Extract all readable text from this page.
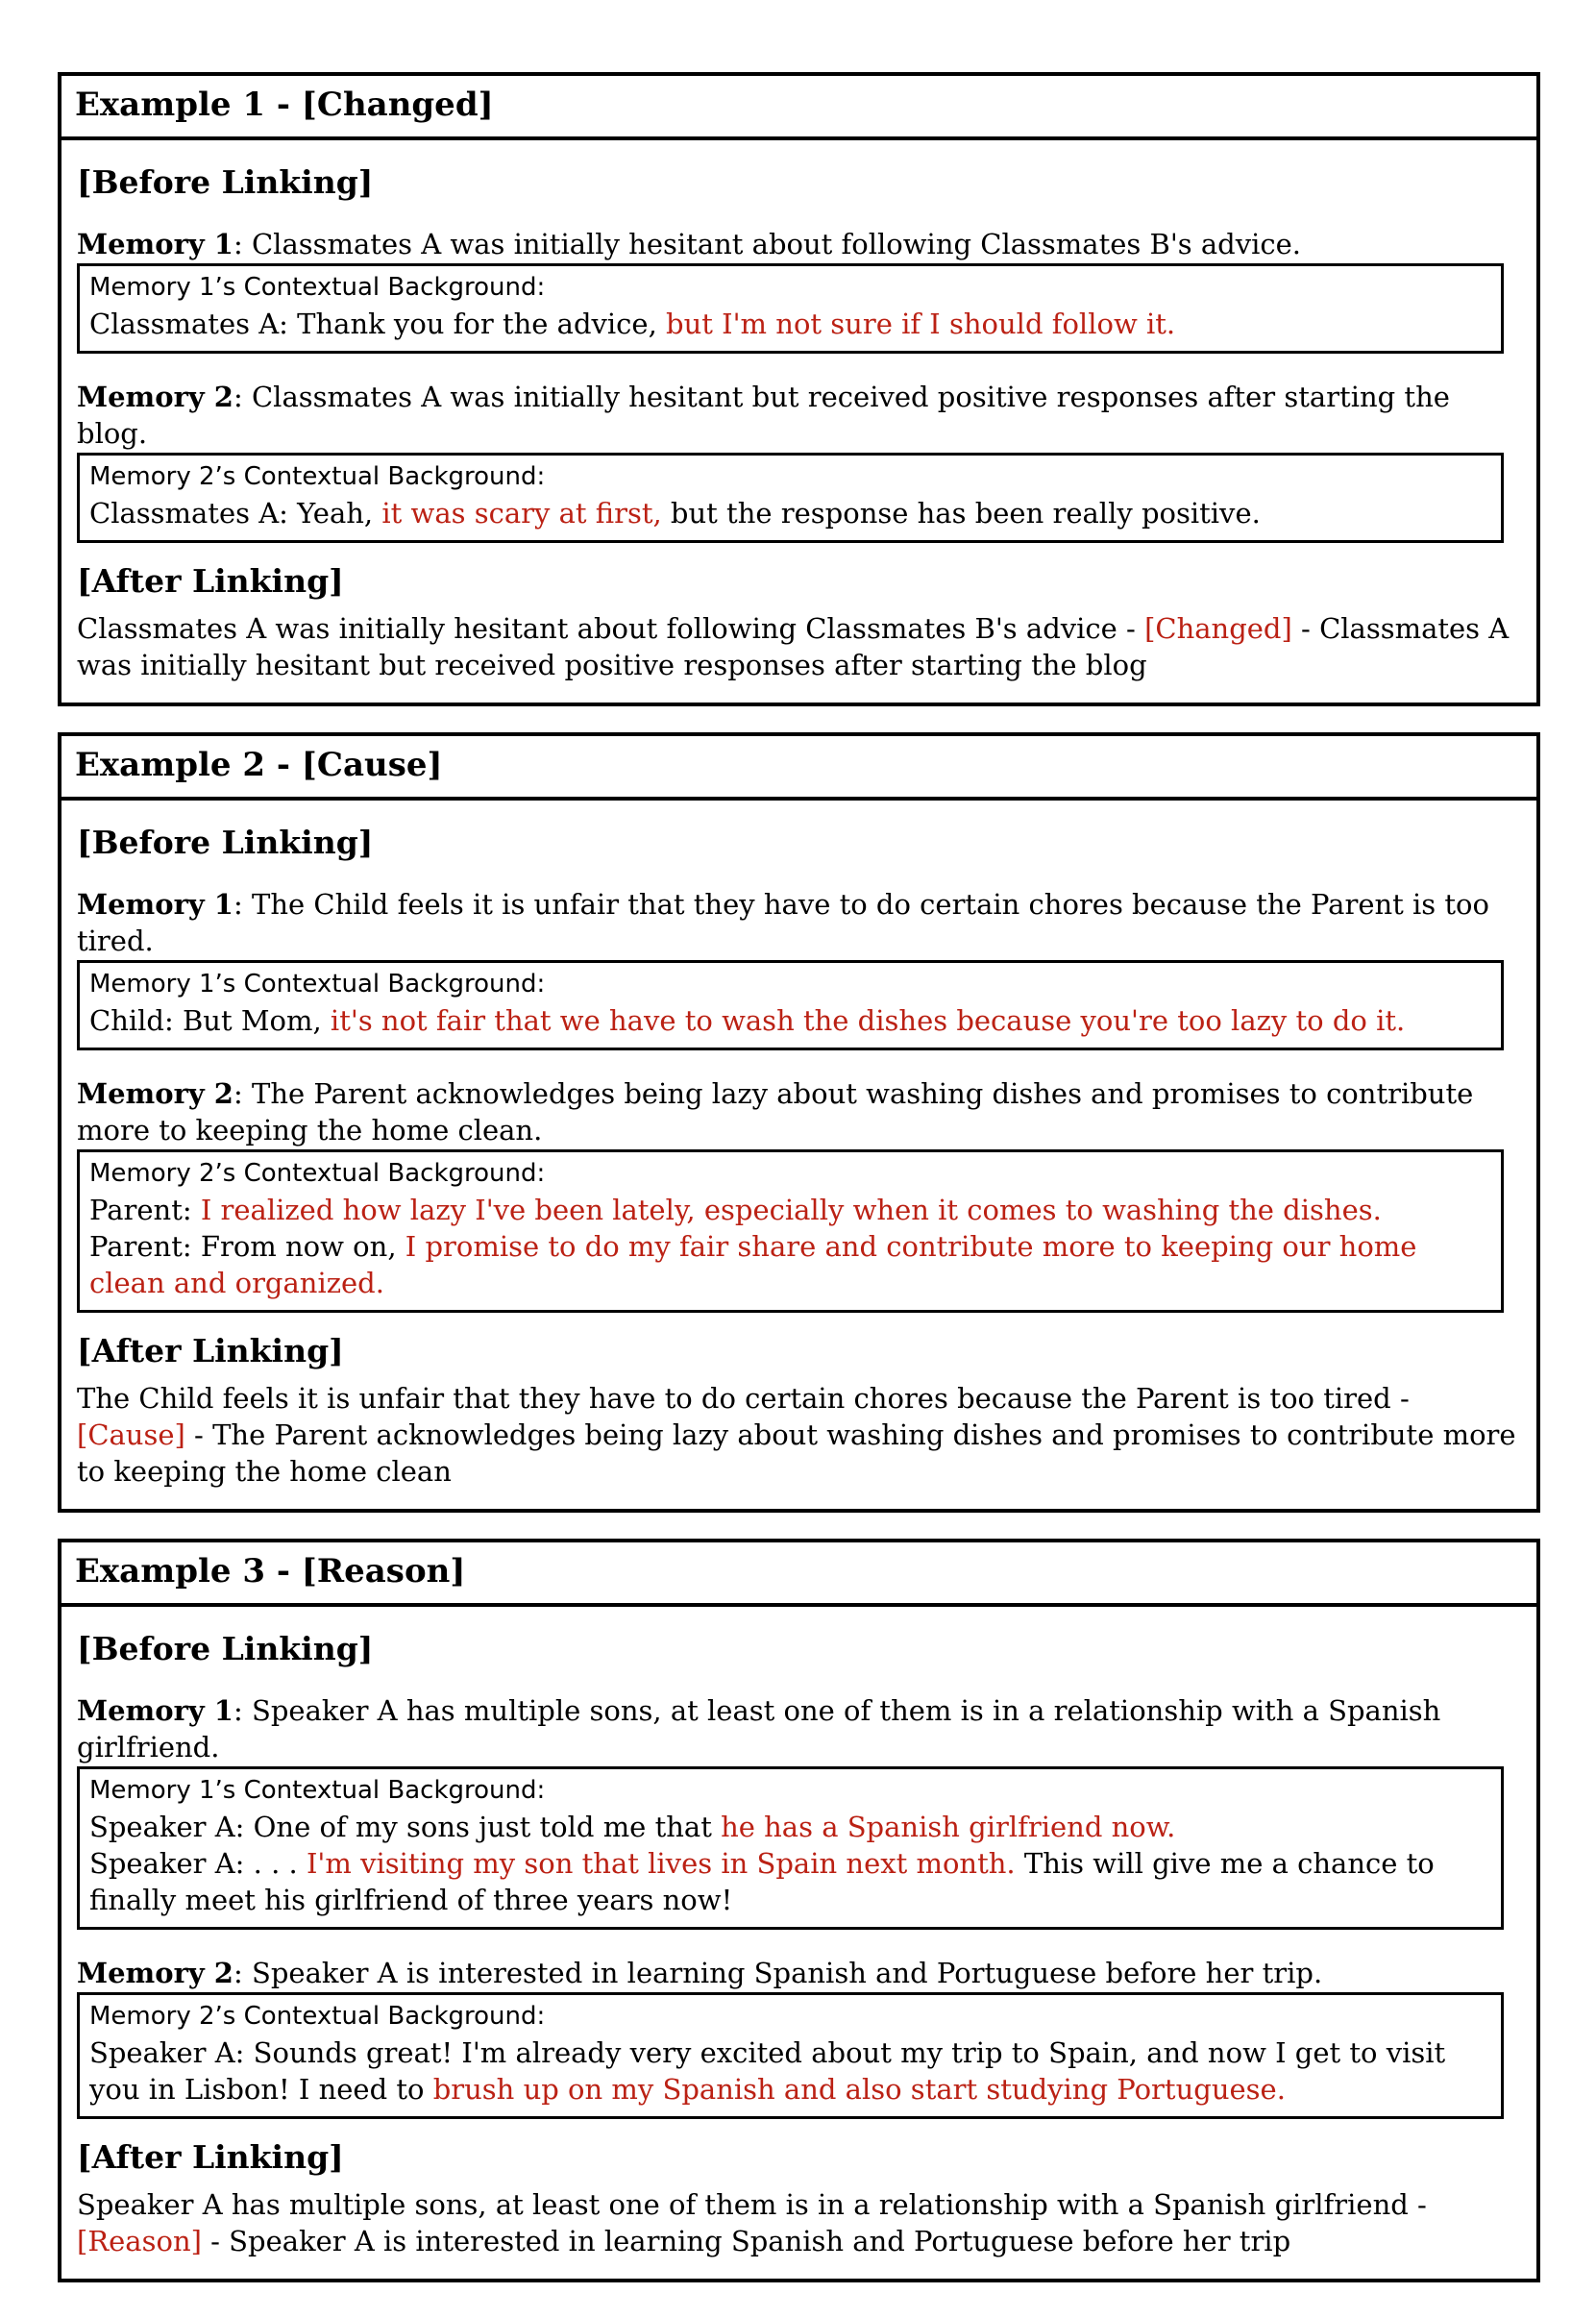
Example 1 - [Changed]
[Before Linking]

Memory 1: Classmates A was initially hesitant about following Classmates B's advice.

Memory 1’s Contextual Background:

Classmates A: Thank you for the advice, but I'm not sure if I should follow it.

Memory 2: Classmates A was initially hesitant but received positive responses after starting the blog.

Memory 2’s Contextual Background:

Classmates A: Yeah, it was scary at first, but the response has been really positive.

[After Linking]

Classmates A was initially hesitant about following Classmates B's advice - [Changed] - Classmates A was initially hesitant but received positive responses after starting the blog

Example 2 - [Cause]
[Before Linking]

Memory 1: The Child feels it is unfair that they have to do certain chores because the Parent is too tired.

Memory 1’s Contextual Background:

Child: But Mom, it's not fair that we have to wash the dishes because you're too lazy to do it.

Memory 2: The Parent acknowledges being lazy about washing dishes and promises to contribute more to keeping the home clean.

Memory 2’s Contextual Background:

Parent: I realized how lazy I've been lately, especially when it comes to washing the dishes.

Parent: From now on, I promise to do my fair share and contribute more to keeping our home clean and organized.

[After Linking]

The Child feels it is unfair that they have to do certain chores because the Parent is too tired - [Cause] - The Parent acknowledges being lazy about washing dishes and promises to contribute more to keeping the home clean

Example 3 - [Reason]
[Before Linking]

Memory 1: Speaker A has multiple sons, at least one of them is in a relationship with a Spanish girlfriend.

Memory 1’s Contextual Background:

Speaker A: One of my sons just told me that he has a Spanish girlfriend now.

Speaker A: . . . I'm visiting my son that lives in Spain next month. This will give me a chance to finally meet his girlfriend of three years now!

Memory 2: Speaker A is interested in learning Spanish and Portuguese before her trip.

Memory 2’s Contextual Background:

Speaker A: Sounds great! I'm already very excited about my trip to Spain, and now I get to visit you in Lisbon! I need to brush up on my Spanish and also start studying Portuguese.

[After Linking]

Speaker A has multiple sons, at least one of them is in a relationship with a Spanish girlfriend - [Reason] - Speaker A is interested in learning Spanish and Portuguese before her trip
